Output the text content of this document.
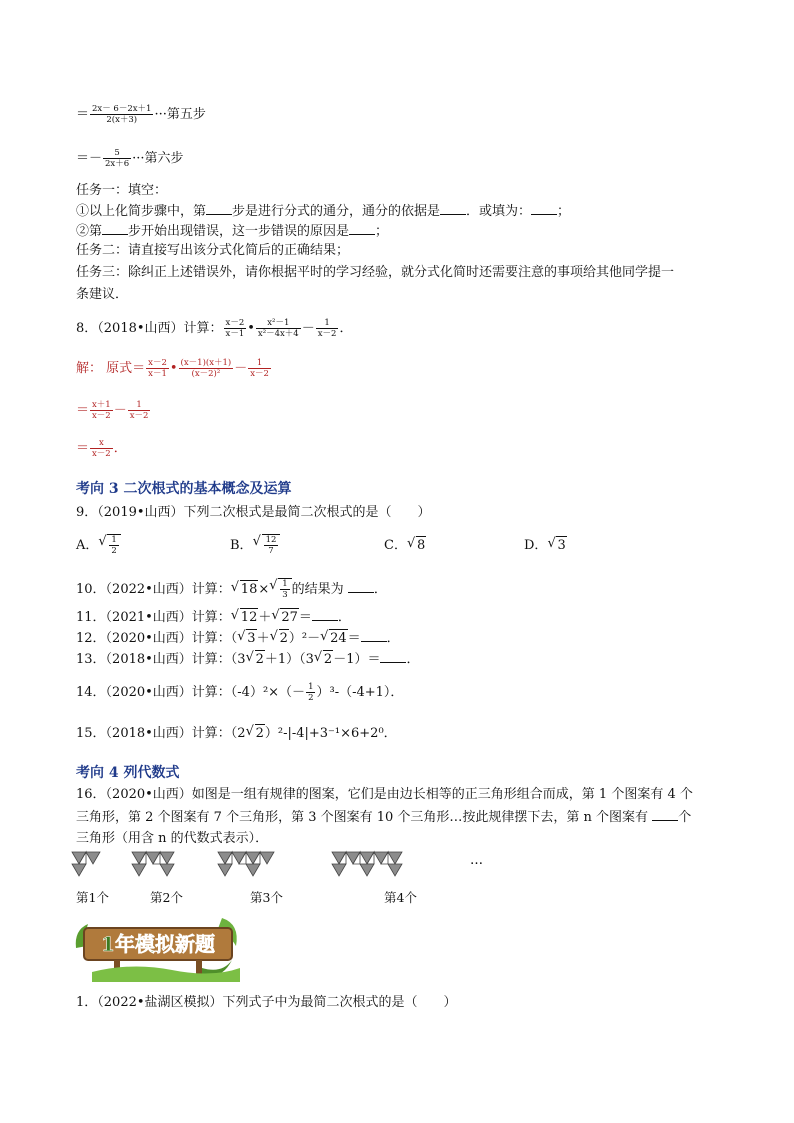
＝ $\frac{2x- 6-2x+1}{2(x+3)}$ ···第五步
＝－ $\frac{5}{2x+6}$ ···第六步
任务一：填空：
①以上化简步骤中，第 步是进行分式的通分，通分的依据是 ．或填为： ；
②第 步开始出现错误，这一步错误的原因是 ；
任务二：请直接写出该分式化简后的正确结果；
任务三：除纠正上述错误外，请你根据平时的学习经验，就分式化简时还需要注意的事项给其他同学提一
条建议．
8．（2018•山西）计算： $\frac{x-2}{x-1}$ • $\frac{\text{x²－1}}{\text{x²－4x＋4}} - \frac{1}{x-2}$ ．
解： 原式＝ $\frac{x-2}{x-1}$ • $\frac{(x-1)(x+1)}{\text{(x－2)²}} - \frac{1}{x-2}$
＝ $\frac{x+1}{x-2} - \frac{1}{x-2}$
＝ $\frac{x}{x-2}$ ．
考向 3 二次根式的基本概念及运算
9．（2019•山西）下列二次根式是最简二次根式的是（　　）
A． √ $\frac{1}{2}$	B． √ $\frac{12}{7}$	C． √ 8	D． √ 3
10．（2022•山西）计算： √ 18× √ $\frac{1}{3}$ 的结果为 ．
11．（2021•山西）计算： √ 12＋ √ 27＝ ．
12．（2020•山西）计算：（ √ 3＋ √ 2）²－ √ 24＝ ．
13．（2018•山西）计算：（3 √ 2＋1）（3 √ 2－1）＝ ．
14．（2020•山西）计算：$(-4)^2\times(- \frac{1}{2} )^3-(-4+1)$．
15．（2018•山西）计算：（2 √ 2）²-|-4|+3⁻¹×6+2⁰．
考向 4 列代数式
16．（2020•山西）如图是一组有规律的图案，它们是由边长相等的正三角形组合而成，第 1 个图案有 4 个
三角形，第 2 个图案有 7 个三角形，第 3 个图案有 10 个三角形…按此规律摆下去，第 n 个图案有 个
三角形（用含 n 的代数式表示）．
…
第1个	第2个	第3个	第4个
1年模拟新题
1．（2022•盐湖区模拟）下列式子中为最简二次根式的是（　　）
